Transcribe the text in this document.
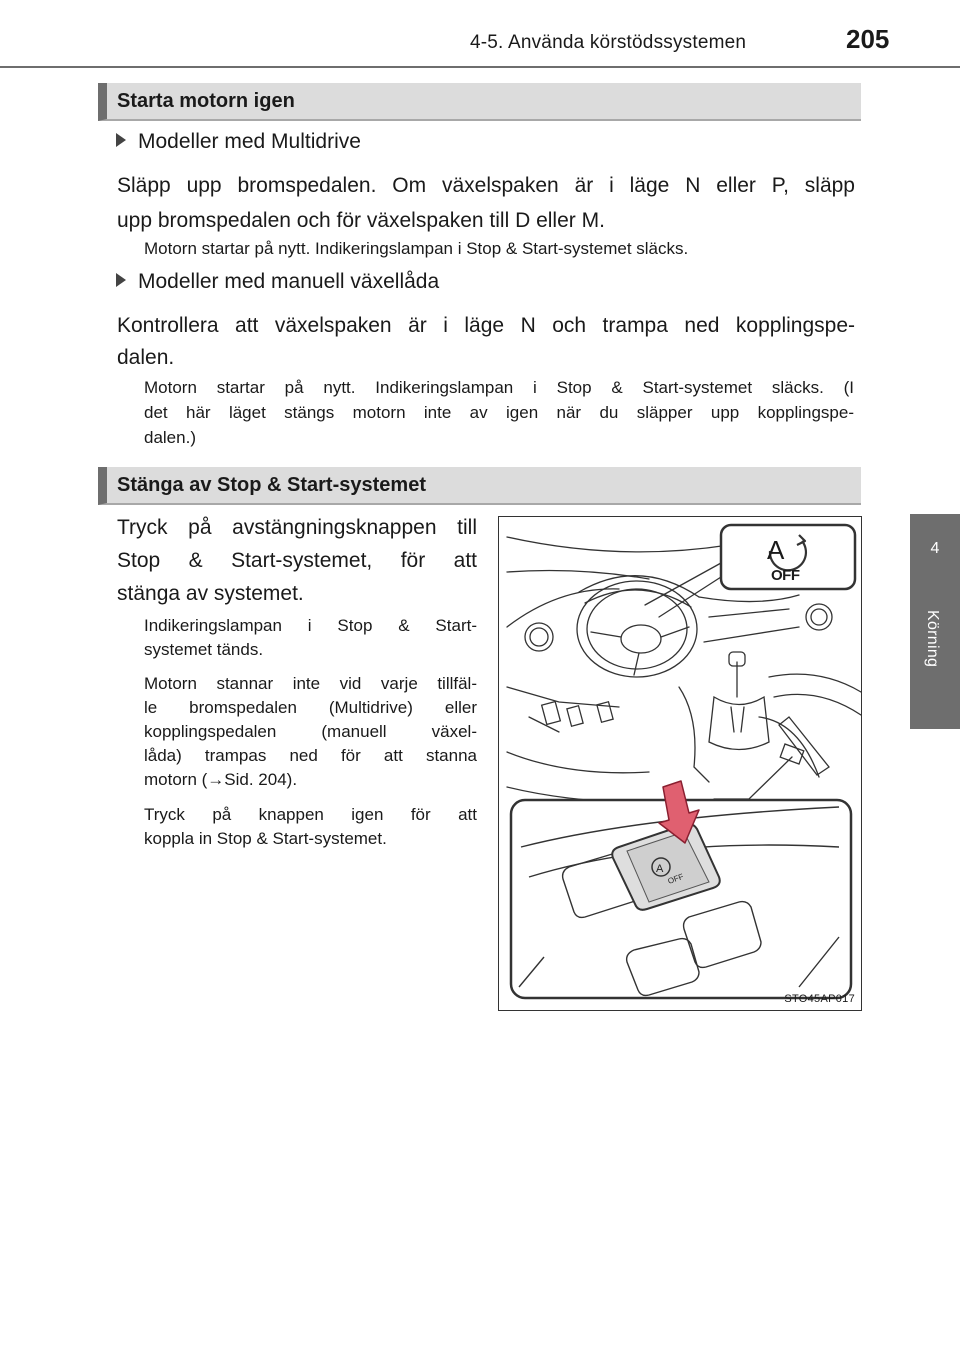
4-5. Använda körstödssystemen	205
4
Körning
Starta motorn igen
Modeller med Multidrive
Släpp upp bromspedalen. Om växelspaken är i läge N eller P, släpp
upp bromspedalen och för växelspaken till D eller M.
Motorn startar på nytt. Indikeringslampan i Stop & Start-systemet släcks.
Modeller med manuell växellåda
Kontrollera att växelspaken är i läge N och trampa ned kopplingspe-
dalen.
Motorn startar på nytt. Indikeringslampan i Stop & Start-systemet släcks. (I
det här läget stängs motorn inte av igen när du släpper upp kopplingspe-
dalen.)
Stänga av Stop & Start-systemet
Tryck på avstängningsknappen till
Stop & Start-systemet, för att
stänga av systemet.
Indikeringslampan i Stop & Start-
systemet tänds.
Motorn stannar inte vid varje tillfäl-
le bromspedalen (Multidrive) eller
kopplingspedalen (manuell växel-
låda) trampas ned för att stanna
motorn (→Sid. 204).
Tryck på knappen igen för att
koppla in Stop & Start-systemet.
A
OFF
A
OFF
STO45AP017
